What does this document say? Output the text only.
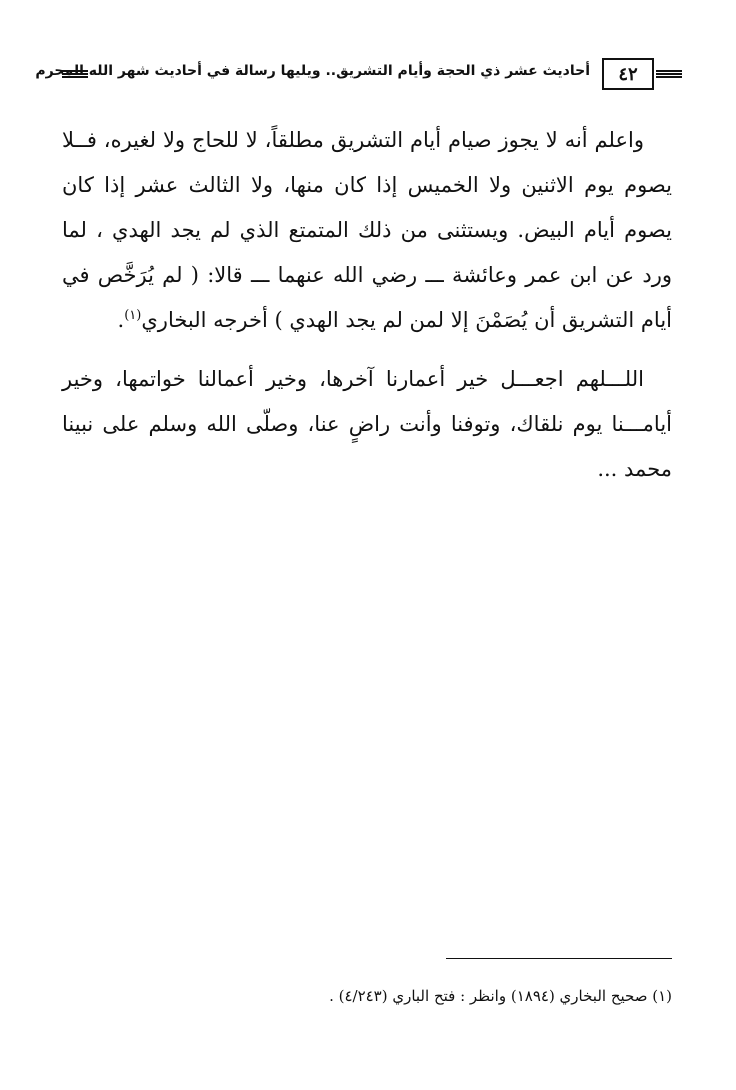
٤٢
أحاديث عشر ذي الحجة وأيام التشريق.. ويليها رسالة في أحاديث شهر الله المحرم

واعلم أنه لا يجوز صيام أيام التشريق مطلقاً، لا للحاج ولا لغيره، فــلا يصوم يوم الاثنين ولا الخميس إذا كان منها، ولا الثالث عشر إذا كان يصوم أيام البيض. ويستثنى من ذلك المتمتع الذي لم يجد الهدي ، لما ورد عن ابن عمر وعائشة ـــ رضي الله عنهما ـــ قالا: ( لم يُرَخَّص في أيام التشريق أن يُصَمْنَ إلا لمن لم يجد الهدي ) أخرجه البخاري$^{(١)}$.

اللـــلهم اجعـــل خير أعمارنا آخرها، وخير أعمالنا خواتمها، وخير أيامـــنا يوم نلقاك، وتوفنا وأنت راضٍ عنا، وصلّى الله وسلم على نبينا محمد ...

(١) صحيح البخاري (١٨٩٤) وانظر : فتح الباري (٤/٢٤٣) .
